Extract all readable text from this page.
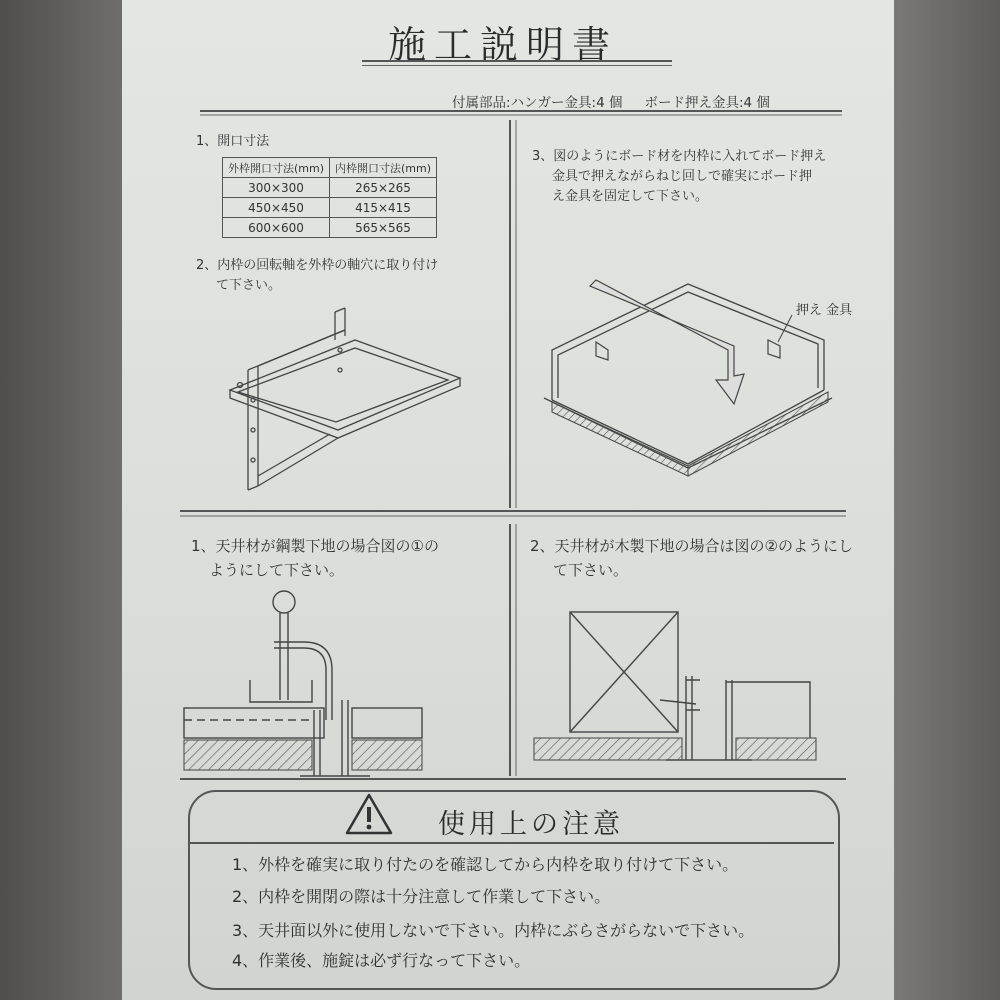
施工説明書
付属部品:ハンガー金具:4 個 ボード押え金具:4 個
1、開口寸法
外枠開口寸法(mm)	内枠開口寸法(mm)
300×300	265×265
450×450	415×415
600×600	565×565
2、内枠の回転軸を外枠の軸穴に取り付け
て下さい。
3、図のようにボード材を内枠に入れてボード押え
金具で押えながらねじ回しで確実にボード押
え金具を固定して下さい。
押え 金具
1、天井材が鋼製下地の場合図の①の
ようにして下さい。
2、天井材が木製下地の場合は図の②のようにし
て下さい。
使用上の注意
1、外枠を確実に取り付たのを確認してから内枠を取り付けて下さい。
2、内枠を開閉の際は十分注意して作業して下さい。
3、天井面以外に使用しないで下さい。内枠にぶらさがらないで下さい。
4、作業後、施錠は必ず行なって下さい。
